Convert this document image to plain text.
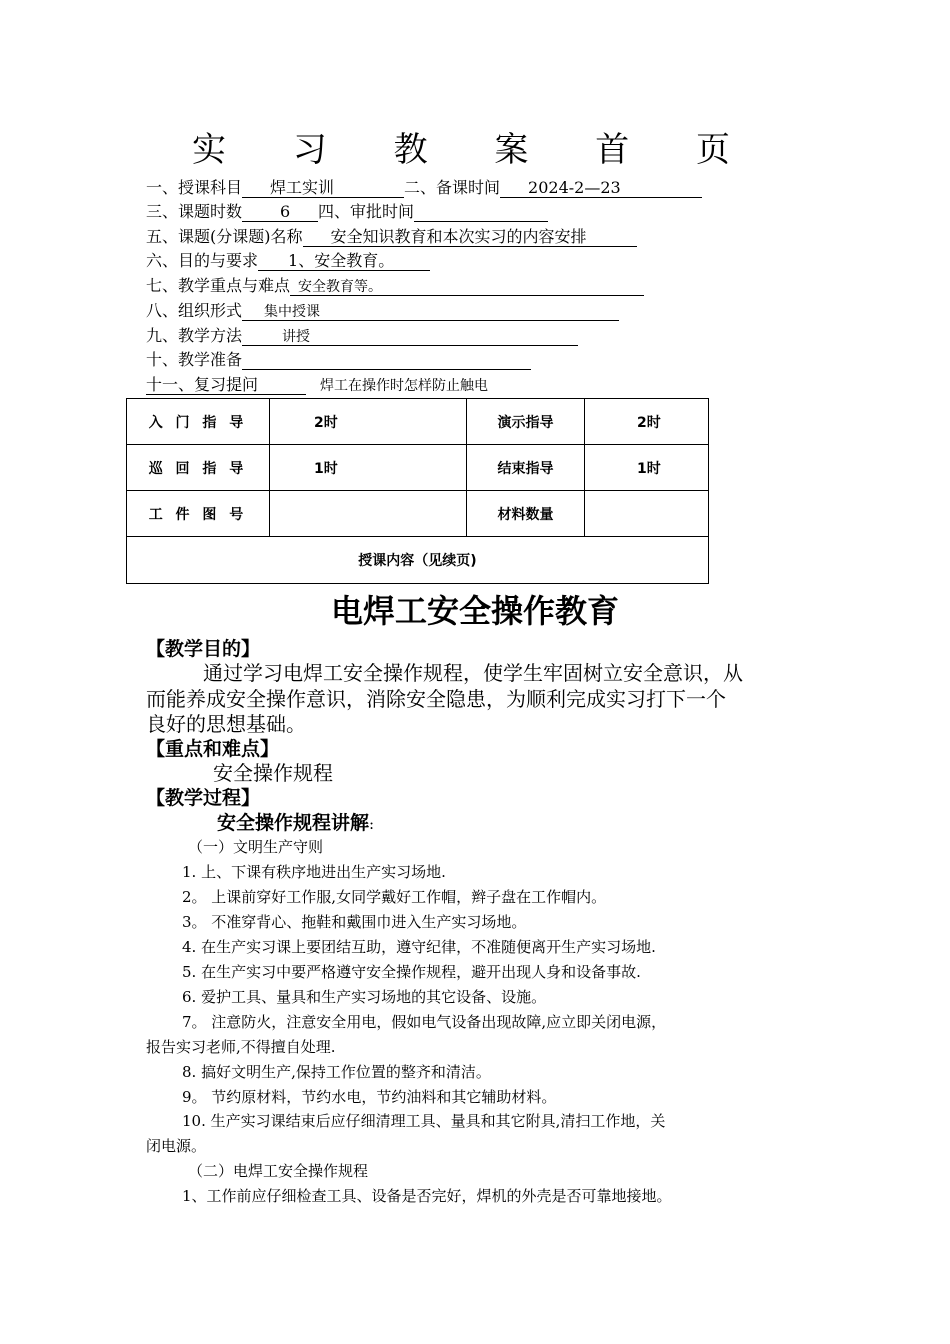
实 习 教 案 首 页
一、授课科目 焊工实训	二、备课时间 2024-2—23
三、课题时数 6 四、审批时间
五、课题(分课题)名称 安全知识教育和本次实习的内容安排
六、目的与要求 1、安全教育。
七、教学重点与难点 安全教育等。
八、组织形式 集中授课
九、教学方法	讲授
十、教学准备
十一、复习提问	焊工在操作时怎样防止触电
入 门 指 导	2时	演示指导	2时
巡 回 指 导	1时	结束指导	1时
工 件 图 号		材料数量	
授课内容（见续页)			
电焊工安全操作教育
【教学目的】
通过学习电焊工安全操作规程，使学生牢固树立安全意识，从
而能养成安全操作意识，消除安全隐患，为顺利完成实习打下一个
良好的思想基础。
【重点和难点】
安全操作规程
【教学过程】
安全操作规程讲解:
（一）文明生产守则
1. 上、下课有秩序地进出生产实习场地.
2。 上课前穿好工作服,女同学戴好工作帽，辫子盘在工作帽内。
3。 不准穿背心、拖鞋和戴围巾进入生产实习场地。
4. 在生产实习课上要团结互助，遵守纪律，不准随便离开生产实习场地.
5. 在生产实习中要严格遵守安全操作规程，避开出现人身和设备事故.
6. 爱护工具、量具和生产实习场地的其它设备、设施。
7。 注意防火，注意安全用电，假如电气设备出现故障,应立即关闭电源，
报告实习老师,不得擅自处理.
8. 搞好文明生产,保持工作位置的整齐和清洁。
9。 节约原材料，节约水电，节约油料和其它辅助材料。
10. 生产实习课结束后应仔细清理工具、量具和其它附具,清扫工作地，关
闭电源。
（二）电焊工安全操作规程
1、工作前应仔细检查工具、设备是否完好，焊机的外壳是否可靠地接地。
